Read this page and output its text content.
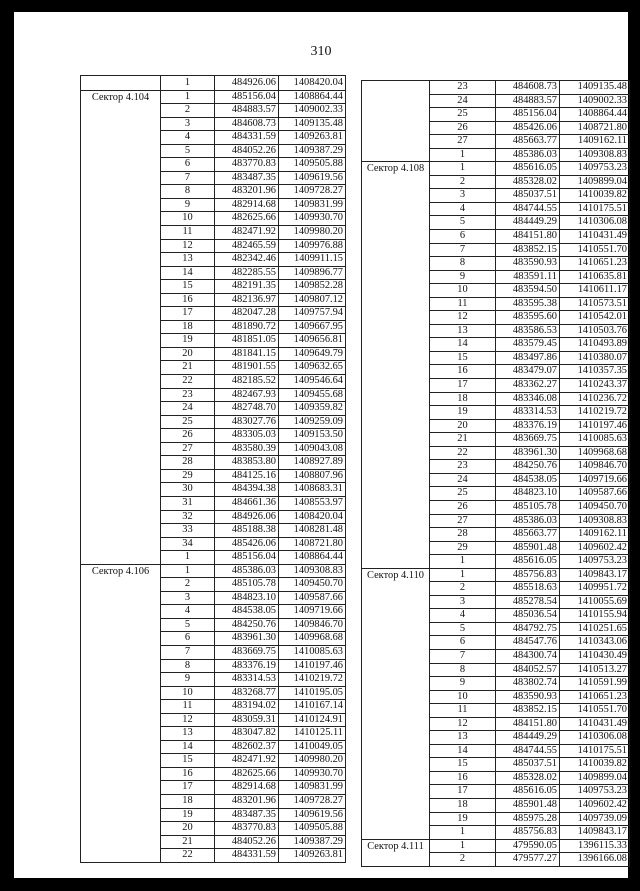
310
	1	484926.06	1408420.04
Сектор 4.104	1	485156.04	1408864.44
	2	484883.57	1409002.33
	3	484608.73	1409135.48
	4	484331.59	1409263.81
	5	484052.26	1409387.29
	6	483770.83	1409505.88
	7	483487.35	1409619.56
	8	483201.96	1409728.27
	9	482914.68	1409831.99
	10	482625.66	1409930.70
	11	482471.92	1409980.20
	12	482465.59	1409976.88
	13	482342.46	1409911.15
	14	482285.55	1409896.77
	15	482191.35	1409852.28
	16	482136.97	1409807.12
	17	482047.28	1409757.94
	18	481890.72	1409667.95
	19	481851.05	1409656.81
	20	481841.15	1409649.79
	21	481901.55	1409632.65
	22	482185.52	1409546.64
	23	482467.93	1409455.68
	24	482748.70	1409359.82
	25	483027.76	1409259.09
	26	483305.03	1409153.50
	27	483580.39	1409043.08
	28	483853.80	1408927.89
	29	484125.16	1408807.96
	30	484394.38	1408683.31
	31	484661.36	1408553.97
	32	484926.06	1408420.04
	33	485188.38	1408281.48
	34	485426.06	1408721.80
	1	485156.04	1408864.44
Сектор 4.106	1	485386.03	1409308.83
	2	485105.78	1409450.70
	3	484823.10	1409587.66
	4	484538.05	1409719.66
	5	484250.76	1409846.70
	6	483961.30	1409968.68
	7	483669.75	1410085.63
	8	483376.19	1410197.46
	9	483314.53	1410219.72
	10	483268.77	1410195.05
	11	483194.02	1410167.14
	12	483059.31	1410124.91
	13	483047.82	1410125.11
	14	482602.37	1410049.05
	15	482471.92	1409980.20
	16	482625.66	1409930.70
	17	482914.68	1409831.99
	18	483201.96	1409728.27
	19	483487.35	1409619.56
	20	483770.83	1409505.88
	21	484052.26	1409387.29
	22	484331.59	1409263.81
	23	484608.73	1409135.48
	24	484883.57	1409002.33
	25	485156.04	1408864.44
	26	485426.06	1408721.80
	27	485663.77	1409162.11
	1	485386.03	1409308.83
Сектор 4.108	1	485616.05	1409753.23
	2	485328.02	1409899.04
	3	485037.51	1410039.82
	4	484744.55	1410175.51
	5	484449.29	1410306.08
	6	484151.80	1410431.49
	7	483852.15	1410551.70
	8	483590.93	1410651.23
	9	483591.11	1410635.81
	10	483594.50	1410611.17
	11	483595.38	1410573.51
	12	483595.60	1410542.01
	13	483586.53	1410503.76
	14	483579.45	1410493.89
	15	483497.86	1410380.07
	16	483479.07	1410357.35
	17	483362.27	1410243.37
	18	483346.08	1410236.72
	19	483314.53	1410219.72
	20	483376.19	1410197.46
	21	483669.75	1410085.63
	22	483961.30	1409968.68
	23	484250.76	1409846.70
	24	484538.05	1409719.66
	25	484823.10	1409587.66
	26	485105.78	1409450.70
	27	485386.03	1409308.83
	28	485663.77	1409162.11
	29	485901.48	1409602.42
	1	485616.05	1409753.23
Сектор 4.110	1	485756.83	1409843.17
	2	485518.63	1409951.72
	3	485278.54	1410055.69
	4	485036.54	1410155.94
	5	484792.75	1410251.65
	6	484547.76	1410343.06
	7	484300.74	1410430.49
	8	484052.57	1410513.27
	9	483802.74	1410591.99
	10	483590.93	1410651.23
	11	483852.15	1410551.70
	12	484151.80	1410431.49
	13	484449.29	1410306.08
	14	484744.55	1410175.51
	15	485037.51	1410039.82
	16	485328.02	1409899.04
	17	485616.05	1409753.23
	18	485901.48	1409602.42
	19	485975.28	1409739.09
	1	485756.83	1409843.17
Сектор 4.111	1	479590.05	1396115.33
	2	479577.27	1396166.08
